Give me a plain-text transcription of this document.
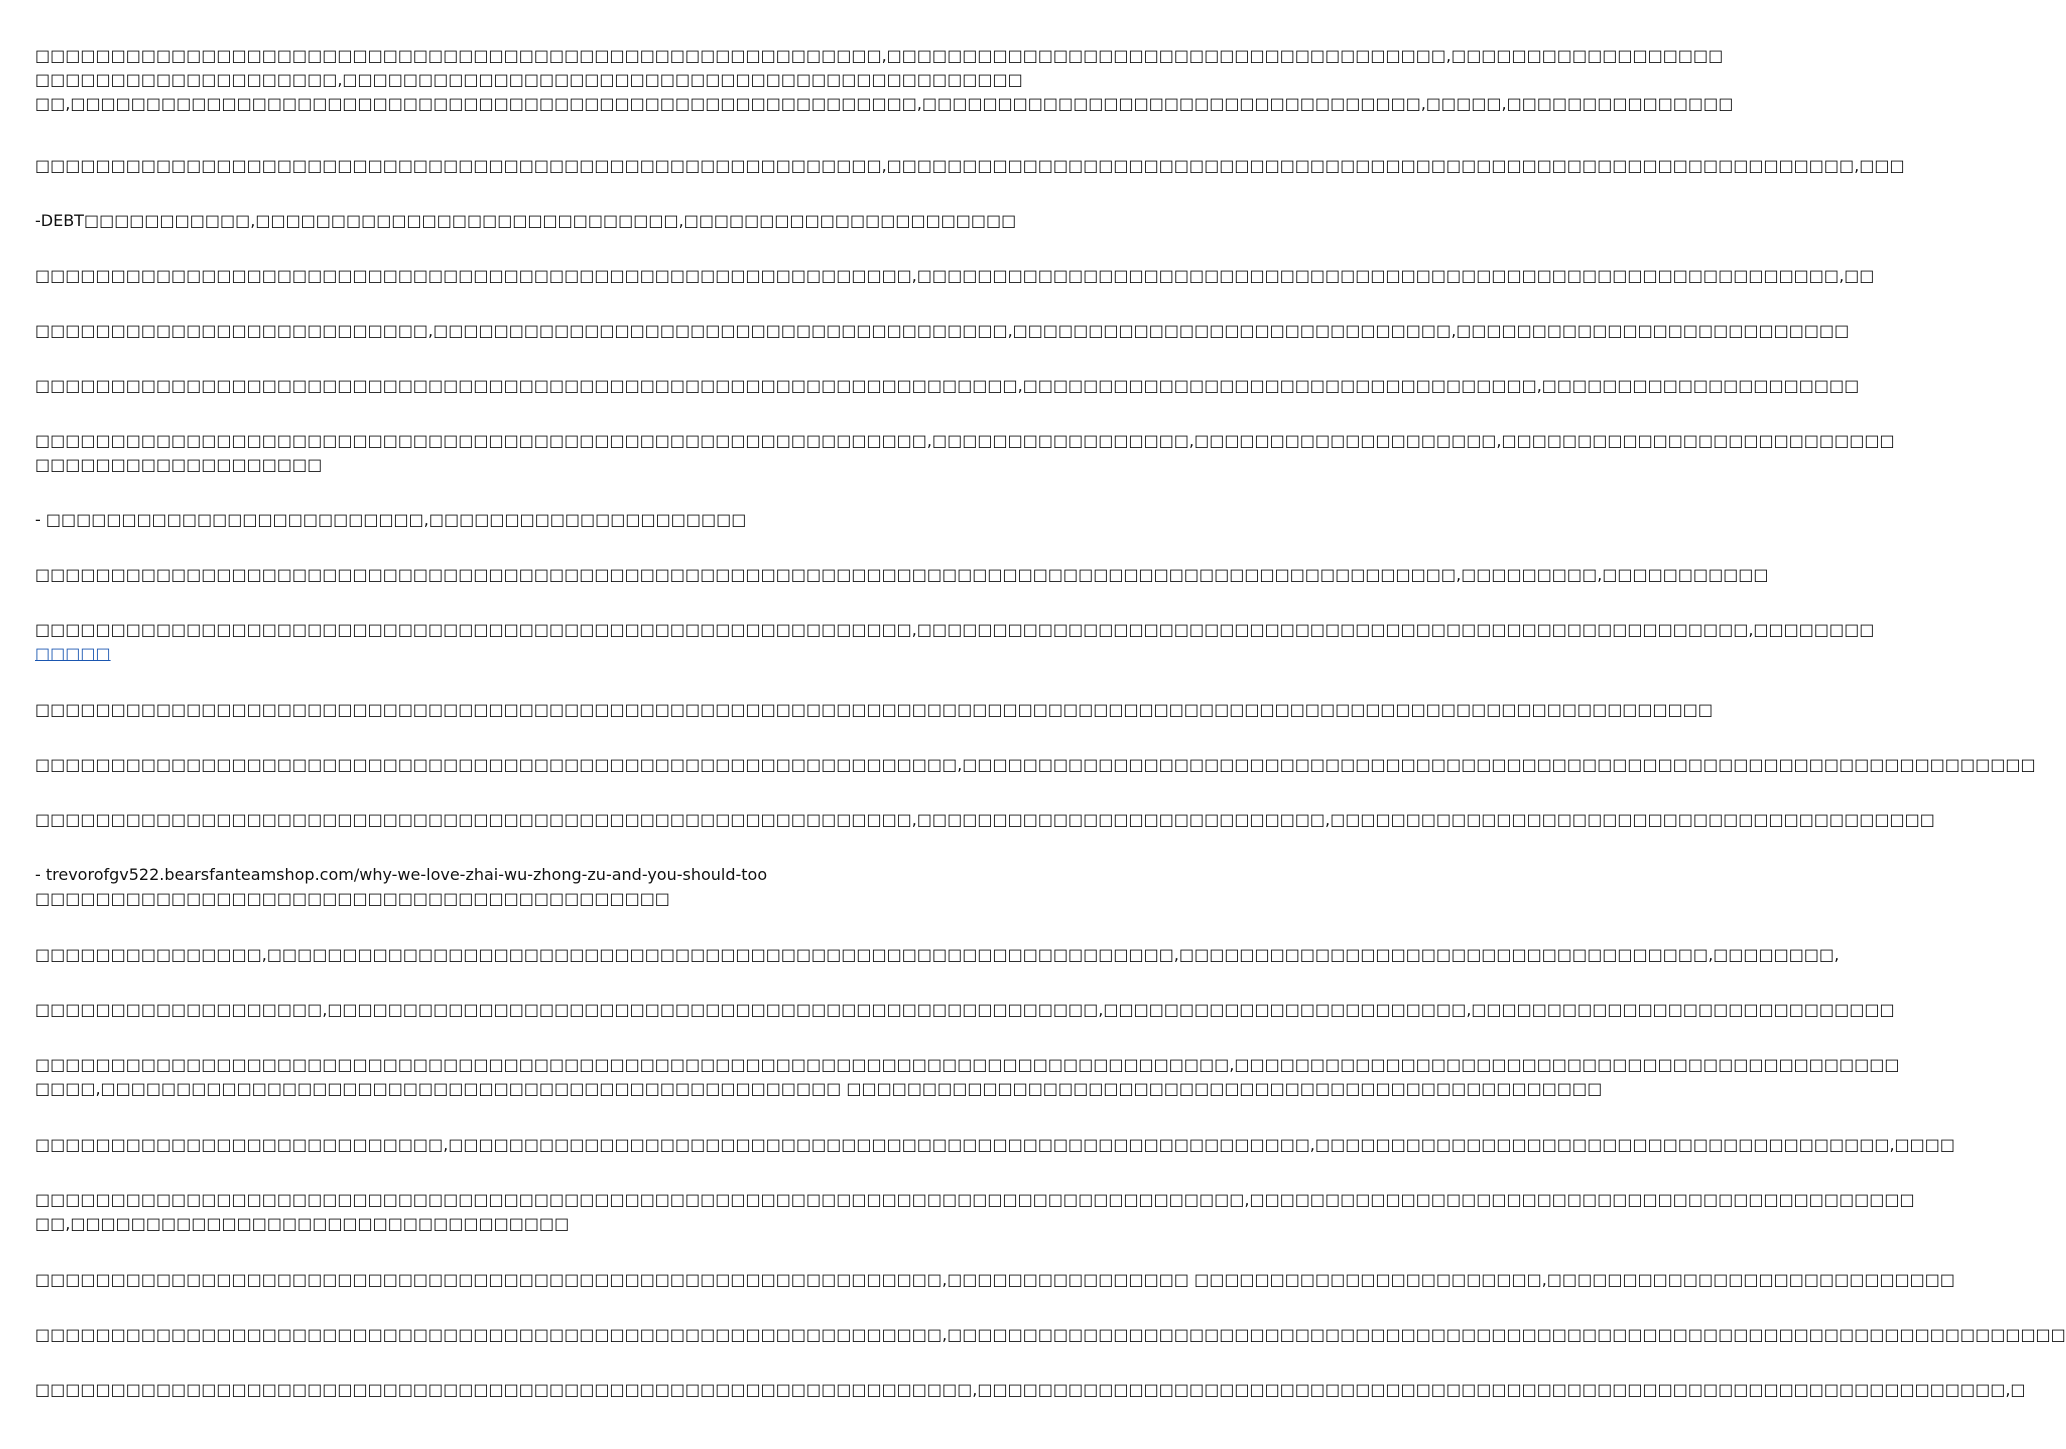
□□□□□□□□□□□□□□□□□□□□□□□□□□□□□□□□□□□□□□□□□□□□□□□□□□□□□□□□,□□□□□□□□□□□□□□□□□□□□□□□□□□□□□□□□□□□□□,□□□□□□□□□□□□□□□□□□
□□□□□□□□□□□□□□□□□□□□,□□□□□□□□□□□□□□□□□□□□□□□□□□□□□□□□□□□□□□□□□□□□□
□□,□□□□□□□□□□□□□□□□□□□□□□□□□□□□□□□□□□□□□□□□□□□□□□□□□□□□□□□□,□□□□□□□□□□□□□□□□□□□□□□□□□□□□□□□□□,□□□□□,□□□□□□□□□□□□□□□
□□□□□□□□□□□□□□□□□□□□□□□□□□□□□□□□□□□□□□□□□□□□□□□□□□□□□□□□,□□□□□□□□□□□□□□□□□□□□□□□□□□□□□□□□□□□□□□□□□□□□□□□□□□□□□□□□□□□□□□□□,□□□
-DEBT□□□□□□□□□□□,□□□□□□□□□□□□□□□□□□□□□□□□□□□□,□□□□□□□□□□□□□□□□□□□□□□
□□□□□□□□□□□□□□□□□□□□□□□□□□□□□□□□□□□□□□□□□□□□□□□□□□□□□□□□□□,□□□□□□□□□□□□□□□□□□□□□□□□□□□□□□□□□□□□□□□□□□□□□□□□□□□□□□□□□□□□□,□□
□□□□□□□□□□□□□□□□□□□□□□□□□□,□□□□□□□□□□□□□□□□□□□□□□□□□□□□□□□□□□□□□□,□□□□□□□□□□□□□□□□□□□□□□□□□□□□□,□□□□□□□□□□□□□□□□□□□□□□□□□□
□□□□□□□□□□□□□□□□□□□□□□□□□□□□□□□□□□□□□□□□□□□□□□□□□□□□□□□□□□□□□□□□□,□□□□□□□□□□□□□□□□□□□□□□□□□□□□□□□□□□,□□□□□□□□□□□□□□□□□□□□□
□□□□□□□□□□□□□□□□□□□□□□□□□□□□□□□□□□□□□□□□□□□□□□□□□□□□□□□□□□□,□□□□□□□□□□□□□□□□□,□□□□□□□□□□□□□□□□□□□□,□□□□□□□□□□□□□□□□□□□□□□□□□□
□□□□□□□□□□□□□□□□□□□
- □□□□□□□□□□□□□□□□□□□□□□□□□,□□□□□□□□□□□□□□□□□□□□□
□□□□□□□□□□□□□□□□□□□□□□□□□□□□□□□□□□□□□□□□□□□□□□□□□□□□□□□□□□□□□□□□□□□□□□□□□□□□□□□□□□□□□□□□□□□□□□,□□□□□□□□□,□□□□□□□□□□□
□□□□□□□□□□□□□□□□□□□□□□□□□□□□□□□□□□□□□□□□□□□□□□□□□□□□□□□□□□,□□□□□□□□□□□□□□□□□□□□□□□□□□□□□□□□□□□□□□□□□□□□□□□□□□□□□□□,□□□□□□□□
□□□□□
□□□□□□□□□□□□□□□□□□□□□□□□□□□□□□□□□□□□□□□□□□□□□□□□□□□□□□□□□□□□□□□□□□□□□□□□□□□□□□□□□□□□□□□□□□□□□□□□□□□□□□□□□□□□□□□
□□□□□□□□□□□□□□□□□□□□□□□□□□□□□□□□□□□□□□□□□□□□□□□□□□□□□□□□□□□□□,□□□□□□□□□□□□□□□□□□□□□□□□□□□□□□□□□□□□□□□□□□□□□□□□□□□□□□□□□□□□□□□□□□□□□□□
□□□□□□□□□□□□□□□□□□□□□□□□□□□□□□□□□□□□□□□□□□□□□□□□□□□□□□□□□□,□□□□□□□□□□□□□□□□□□□□□□□□□□□,□□□□□□□□□□□□□□□□□□□□□□□□□□□□□□□□□□□□□□□□
- trevorofgv522.bearsfanteamshop.com/why-we-love-zhai-wu-zhong-zu-and-you-should-too
□□□□□□□□□□□□□□□□□□□□□□□□□□□□□□□□□□□□□□□□□□
□□□□□□□□□□□□□□□,□□□□□□□□□□□□□□□□□□□□□□□□□□□□□□□□□□□□□□□□□□□□□□□□□□□□□□□□□□□□,□□□□□□□□□□□□□□□□□□□□□□□□□□□□□□□□□□□,□□□□□□□□,
□□□□□□□□□□□□□□□□□□□,□□□□□□□□□□□□□□□□□□□□□□□□□□□□□□□□□□□□□□□□□□□□□□□□□□□,□□□□□□□□□□□□□□□□□□□□□□□□,□□□□□□□□□□□□□□□□□□□□□□□□□□□□
□□□□□□□□□□□□□□□□□□□□□□□□□□□□□□□□□□□□□□□□□□□□□□□□□□□□□□□□□□□□□□□□□□□□□□□□□□□□□□□,□□□□□□□□□□□□□□□□□□□□□□□□□□□□□□□□□□□□□□□□□□□□
□□□□,□□□□□□□□□□□□□□□□□□□□□□□□□□□□□□□□□□□□□□□□□□□□□□□□□ □□□□□□□□□□□□□□□□□□□□□□□□□□□□□□□□□□□□□□□□□□□□□□□□□□
□□□□□□□□□□□□□□□□□□□□□□□□□□□,□□□□□□□□□□□□□□□□□□□□□□□□□□□□□□□□□□□□□□□□□□□□□□□□□□□□□□□□□,□□□□□□□□□□□□□□□□□□□□□□□□□□□□□□□□□□□□□□,□□□□
□□□□□□□□□□□□□□□□□□□□□□□□□□□□□□□□□□□□□□□□□□□□□□□□□□□□□□□□□□□□□□□□□□□□□□□□□□□□□□□□,□□□□□□□□□□□□□□□□□□□□□□□□□□□□□□□□□□□□□□□□□□□□
□□,□□□□□□□□□□□□□□□□□□□□□□□□□□□□□□□□□
□□□□□□□□□□□□□□□□□□□□□□□□□□□□□□□□□□□□□□□□□□□□□□□□□□□□□□□□□□□□,□□□□□□□□□□□□□□□□ □□□□□□□□□□□□□□□□□□□□□□□,□□□□□□□□□□□□□□□□□□□□□□□□□□□
□□□□□□□□□□□□□□□□□□□□□□□□□□□□□□□□□□□□□□□□□□□□□□□□□□□□□□□□□□□□,□□□□□□□□□□□□□□□□□□□□□□□□□□□□□□□□□□□□□□□□□□□□□□□□□□□□□□□□□□□□□□□□□□□□□□□□□□
□□□□□□□□□□□□□□□□□□□□□□□□□□□□□□□□□□□□□□□□□□□□□□□□□□□□□□□□□□□□□□,□□□□□□□□□□□□□□□□□□□□□□□□□□□□□□□□□□□□□□□□□□□□□□□□□□□□□□□□□□□□□□□□□□□□,□
